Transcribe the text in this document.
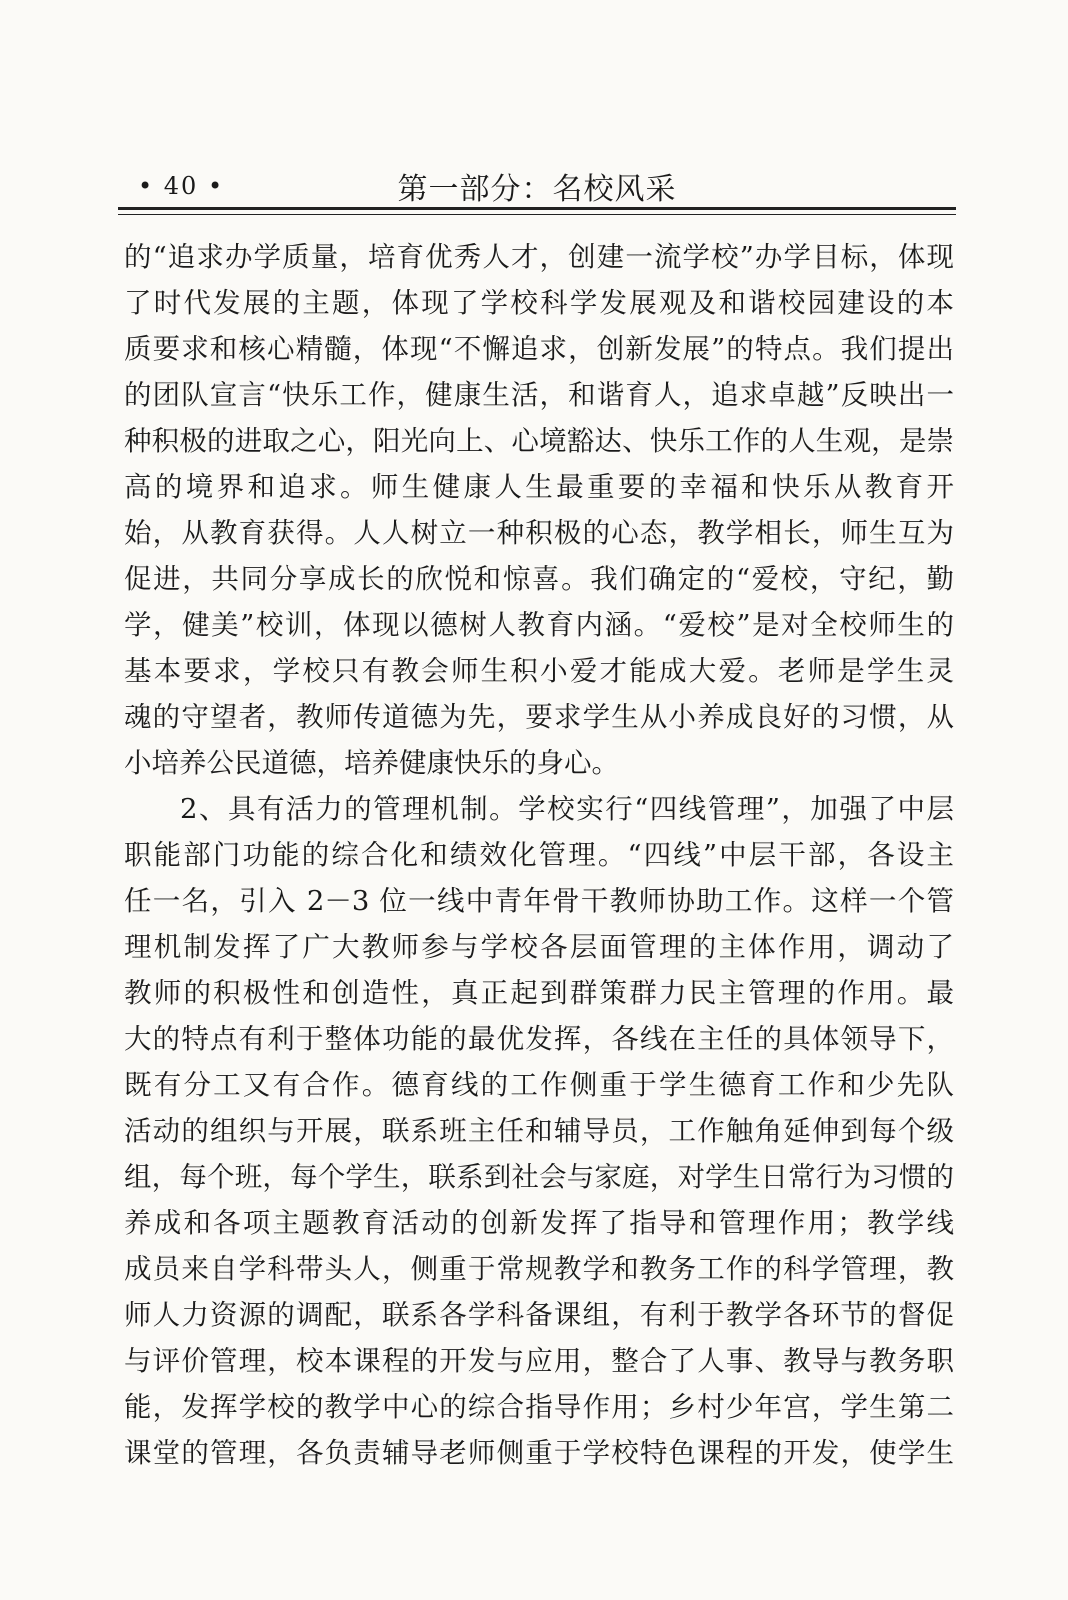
• 40 •	第一部分：名校风采
的“追求办学质量，培育优秀人才，创建一流学校”办学目标，体现
了时代发展的主题，体现了学校科学发展观及和谐校园建设的本
质要求和核心精髓，体现“不懈追求，创新发展”的特点。我们提出
的团队宣言“快乐工作，健康生活，和谐育人，追求卓越”反映出一
种积极的进取之心，阳光向上、心境豁达、快乐工作的人生观，是崇
高的境界和追求。师生健康人生最重要的幸福和快乐从教育开
始，从教育获得。人人树立一种积极的心态，教学相长，师生互为
促进，共同分享成长的欣悦和惊喜。我们确定的“爱校，守纪，勤
学，健美”校训，体现以德树人教育内涵。“爱校”是对全校师生的
基本要求，学校只有教会师生积小爱才能成大爱。老师是学生灵
魂的守望者，教师传道德为先，要求学生从小养成良好的习惯，从
小培养公民道德，培养健康快乐的身心。
2、具有活力的管理机制。学校实行“四线管理”，加强了中层
职能部门功能的综合化和绩效化管理。“四线”中层干部，各设主
任一名，引入 2－3 位一线中青年骨干教师协助工作。这样一个管
理机制发挥了广大教师参与学校各层面管理的主体作用，调动了
教师的积极性和创造性，真正起到群策群力民主管理的作用。最
大的特点有利于整体功能的最优发挥，各线在主任的具体领导下，
既有分工又有合作。德育线的工作侧重于学生德育工作和少先队
活动的组织与开展，联系班主任和辅导员，工作触角延伸到每个级
组，每个班，每个学生，联系到社会与家庭，对学生日常行为习惯的
养成和各项主题教育活动的创新发挥了指导和管理作用；教学线
成员来自学科带头人，侧重于常规教学和教务工作的科学管理，教
师人力资源的调配，联系各学科备课组，有利于教学各环节的督促
与评价管理，校本课程的开发与应用，整合了人事、教导与教务职
能，发挥学校的教学中心的综合指导作用；乡村少年宫，学生第二
课堂的管理，各负责辅导老师侧重于学校特色课程的开发，使学生
